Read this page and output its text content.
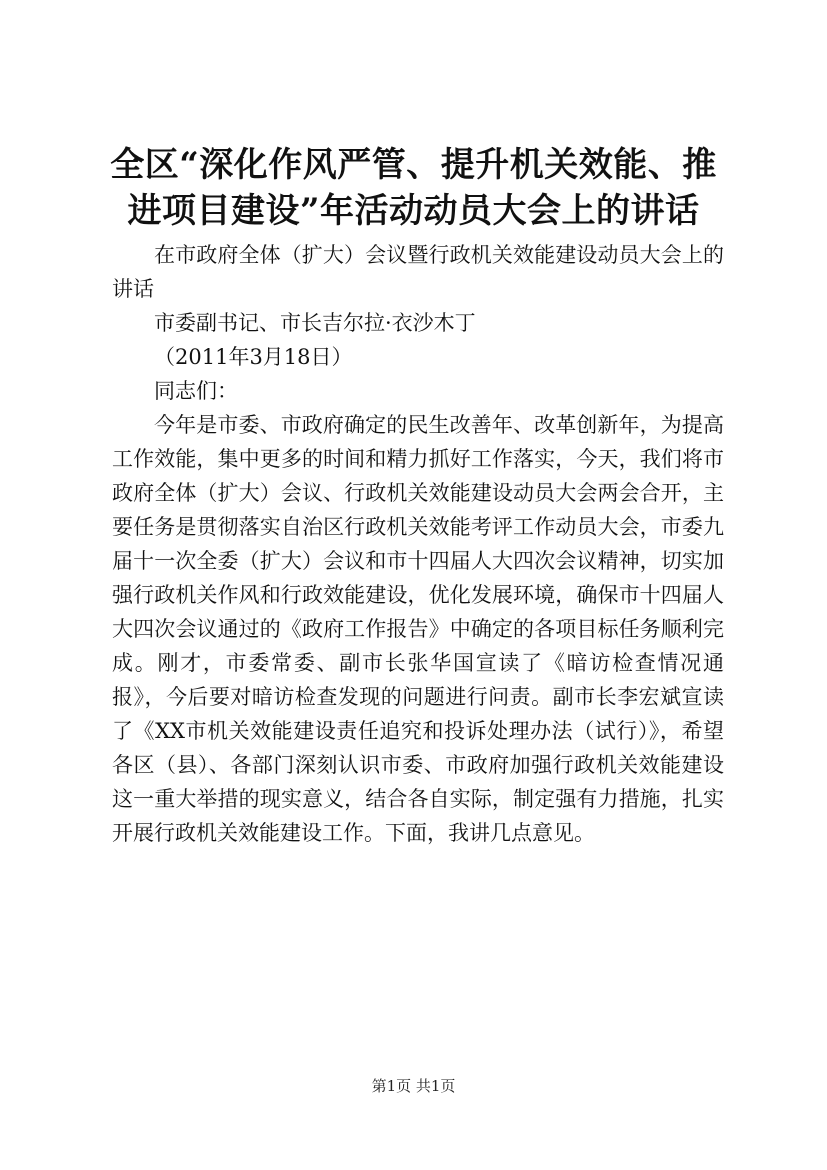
全区“深化作风严管、提升机关效能、推进项目建设”年活动动员大会上的讲话

在市政府全体（扩大）会议暨行政机关效能建设动员大会上的讲话

市委副书记、市长吉尔拉·衣沙木丁

（2011年3月18日）

同志们：

今年是市委、市政府确定的民生改善年、改革创新年，为提高工作效能，集中更多的时间和精力抓好工作落实，今天，我们将市政府全体（扩大）会议、行政机关效能建设动员大会两会合开，主要任务是贯彻落实自治区行政机关效能考评工作动员大会，市委九届十一次全委（扩大）会议和市十四届人大四次会议精神，切实加强行政机关作风和行政效能建设，优化发展环境，确保市十四届人大四次会议通过的《政府工作报告》中确定的各项目标任务顺利完成。刚才，市委常委、副市长张华国宣读了《暗访检查情况通报》，今后要对暗访检查发现的问题进行问责。副市长李宏斌宣读了《XX市机关效能建设责任追究和投诉处理办法（试行）》，希望各区（县）、各部门深刻认识市委、市政府加强行政机关效能建设这一重大举措的现实意义，结合各自实际，制定强有力措施，扎实开展行政机关效能建设工作。下面，我讲几点意见。

第1页 共1页
